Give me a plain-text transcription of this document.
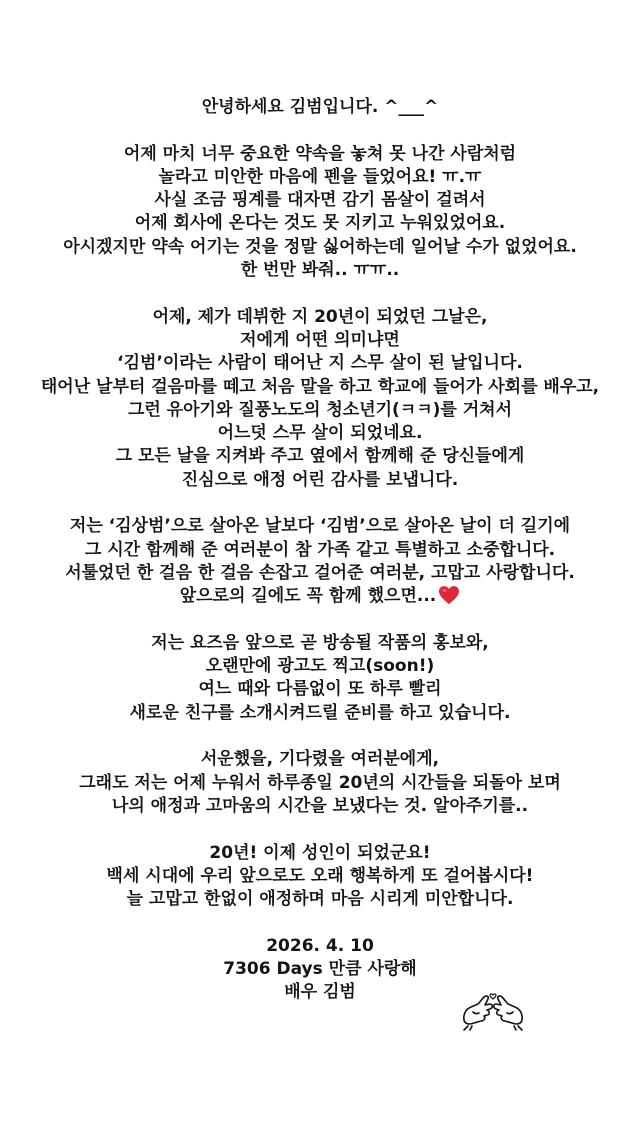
안녕하세요 김범입니다. ^___^
어제 마치 너무 중요한 약속을 놓쳐 못 나간 사람처럼
놀라고 미안한 마음에 펜을 들었어요! ㅠ.ㅠ
사실 조금 핑계를 대자면 감기 몸살이 걸려서
어제 회사에 온다는 것도 못 지키고 누워있었어요.
아시겠지만 약속 어기는 것을 정말 싫어하는데 일어날 수가 없었어요.
한 번만 봐줘.. ㅠㅠ..
어제, 제가 데뷔한 지 20년이 되었던 그날은,
저에게 어떤 의미냐면
‘김범’이라는 사람이 태어난 지 스무 살이 된 날입니다.
태어난 날부터 걸음마를 떼고 처음 말을 하고 학교에 들어가 사회를 배우고,
그런 유아기와 질풍노도의 청소년기(ㅋㅋ)를 거쳐서
어느덧 스무 살이 되었네요.
그 모든 날을 지켜봐 주고 옆에서 함께해 준 당신들에게
진심으로 애정 어린 감사를 보냅니다.
저는 ‘김상범’으로 살아온 날보다 ‘김범’으로 살아온 날이 더 길기에
그 시간 함께해 준 여러분이 참 가족 같고 특별하고 소중합니다.
서툴었던 한 걸음 한 걸음 손잡고 걸어준 여러분, 고맙고 사랑합니다.
앞으로의 길에도 꼭 함께 했으면...
저는 요즈음 앞으로 곧 방송될 작품의 홍보와,
오랜만에 광고도 찍고(soon!)
여느 때와 다름없이 또 하루 빨리
새로운 친구를 소개시켜드릴 준비를 하고 있습니다.
서운했을, 기다렸을 여러분에게,
그래도 저는 어제 누워서 하루종일 20년의 시간들을 되돌아 보며
나의 애정과 고마움의 시간을 보냈다는 것. 알아주기를..
20년! 이제 성인이 되었군요!
백세 시대에 우리 앞으로도 오래 행복하게 또 걸어봅시다!
늘 고맙고 한없이 애정하며 마음 시리게 미안합니다.
2026. 4. 10
7306 Days 만큼 사랑해
배우 김범
